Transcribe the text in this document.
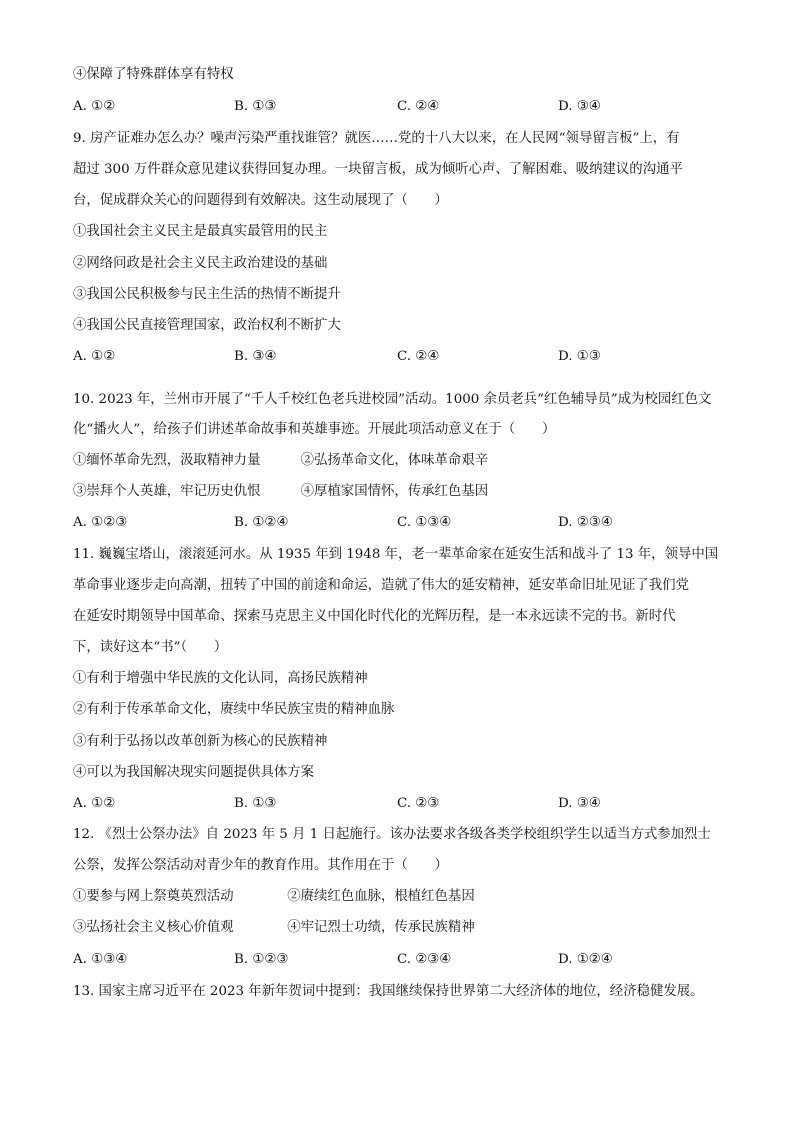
④保障了特殊群体享有特权
A. ①②	B. ①③	C. ②④	D. ③④
9. 房产证难办怎么办？噪声污染严重找谁管？就医……党的十八大以来，在人民网“领导留言板”上，有
超过 300 万件群众意见建议获得回复办理。一块留言板，成为倾听心声、了解困难、吸纳建议的沟通平
台，促成群众关心的问题得到有效解决。这生动展现了（　　）
①我国社会主义民主是最真实最管用的民主
②网络问政是社会主义民主政治建设的基础
③我国公民积极参与民主生活的热情不断提升
④我国公民直接管理国家，政治权利不断扩大
A. ①②	B. ③④	C. ②④	D. ①③
10. 2023 年，兰州市开展了“千人千校红色老兵进校园”活动。1000 余员老兵“红色辅导员”成为校园红色文
化“播火人”，给孩子们讲述革命故事和英雄事迹。开展此项活动意义在于（　　）
①缅怀革命先烈，汲取精神力量　　　②弘扬革命文化，体味革命艰辛
③崇拜个人英雄，牢记历史仇恨　　　④厚植家国情怀，传承红色基因
A. ①②③	B. ①②④	C. ①③④	D. ②③④
11. 巍巍宝塔山，滚滚延河水。从 1935 年到 1948 年，老一辈革命家在延安生活和战斗了 13 年，领导中国
革命事业逐步走向高潮，扭转了中国的前途和命运，造就了伟大的延安精神，延安革命旧址见证了我们党
在延安时期领导中国革命、探索马克思主义中国化时代化的光辉历程，是一本永远读不完的书。新时代
下，读好这本“书”（　　）
①有利于增强中华民族的文化认同，高扬民族精神
②有利于传承革命文化，赓续中华民族宝贵的精神血脉
③有利于弘扬以改革创新为核心的民族精神
④可以为我国解决现实问题提供具体方案
A. ①②	B. ①③	C. ②③	D. ③④
12. 《烈士公祭办法》自 2023 年 5 月 1 日起施行。该办法要求各级各类学校组织学生以适当方式参加烈士
公祭，发挥公祭活动对青少年的教育作用。其作用在于（　　）
①要参与网上祭奠英烈活动　　　　②赓续红色血脉，根植红色基因
③弘扬社会主义核心价值观　　　　④牢记烈士功绩，传承民族精神
A. ①③④	B. ①②③	C. ②③④	D. ①②④
13. 国家主席习近平在 2023 年新年贺词中提到：我国继续保持世界第二大经济体的地位，经济稳健发展。
